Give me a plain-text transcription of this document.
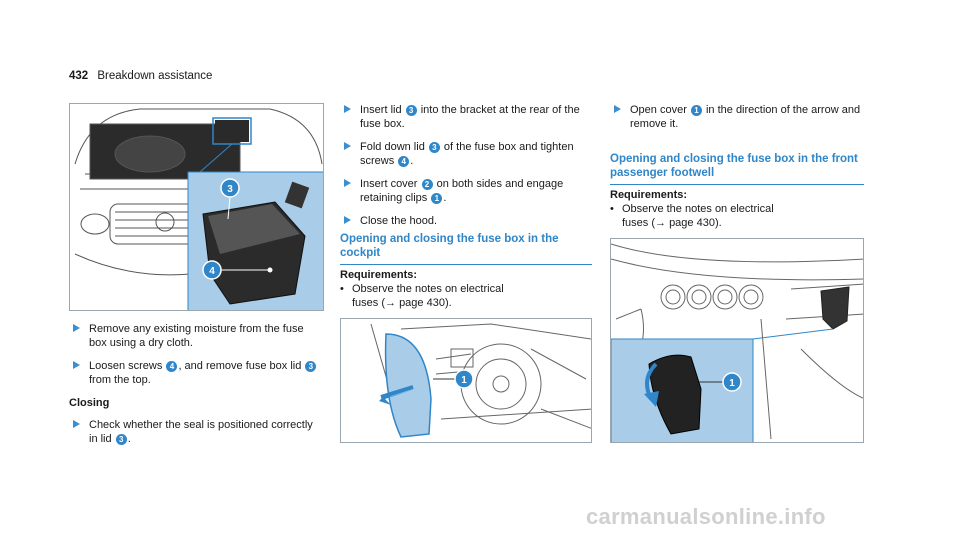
432 Breakdown assistance
3
4
Remove any existing moisture from the fuse box using a dry cloth.
Loosen screws 4 , and remove fuse box lid 3 from the top.
Closing
Check whether the seal is positioned correctly in lid 3 .
Insert lid 3 into the bracket at the rear of the fuse box.
Fold down lid 3 of the fuse box and tighten screws 4 .
Insert cover 2 on both sides and engage retaining clips 1 .
Close the hood.
Opening and closing the fuse box in the cockpit
Requirements:
• Observe the notes on electrical fuses (→ page 430).
1
Open cover 1 in the direction of the arrow and remove it.
Opening and closing the fuse box in the front passenger footwell
Requirements:
• Observe the notes on electrical fuses (→ page 430).
1
carmanualsonline.info
